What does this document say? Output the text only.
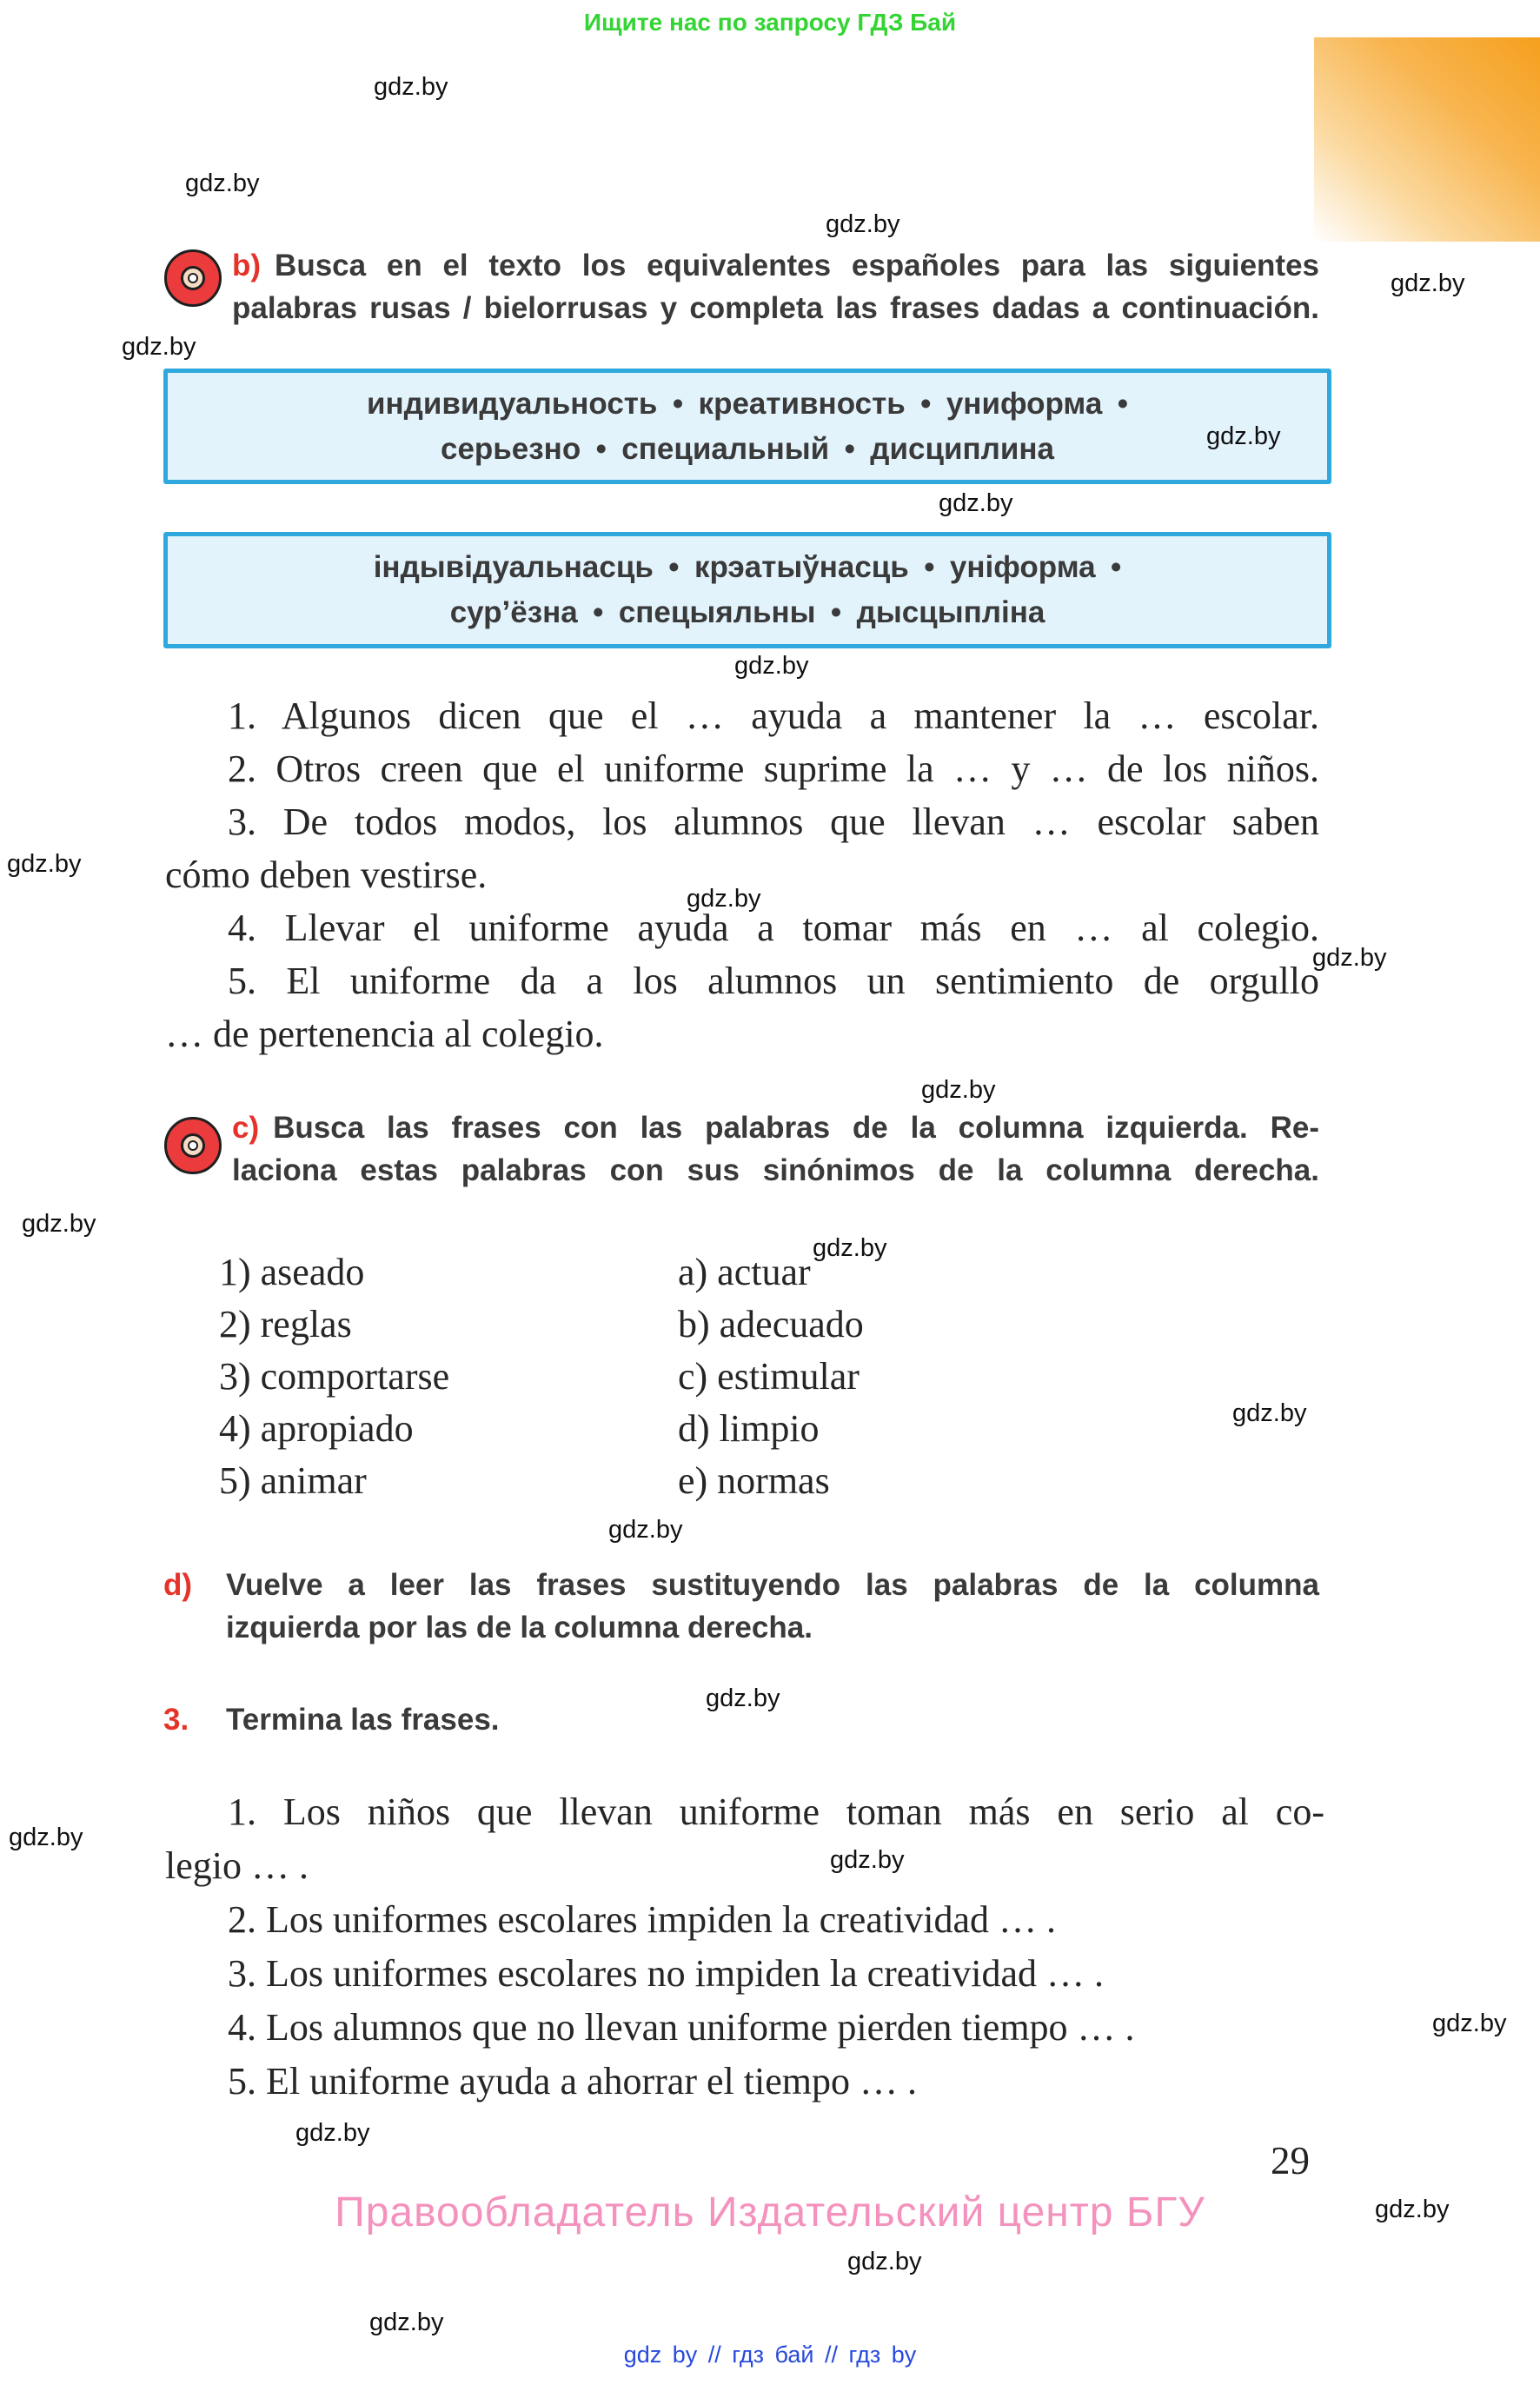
Ищите нас по запросу ГДЗ Бай
b) Busca en el texto los equivalentes españoles para las siguientes
palabras rusas / bielorrusas y completa las frases dadas a continuación.
индивидуальность • креативность • униформа •
серьезно • специальный • дисциплина
індывідуальнасць • крэатыўнасць • уніформа •
сур’ёзна • спецыяльны • дысцыпліна
1. Algunos dicen que el … ayuda a mantener la … escolar.
2. Otros creen que el uniforme suprime la … y … de los niños.
3. De todos modos, los alumnos que llevan … escolar saben
cómo deben vestirse.
4. Llevar el uniforme ayuda a tomar más en … al colegio.
5. El uniforme da a los alumnos un sentimiento de orgullo
… de pertenencia al colegio.
c) Busca las frases con las palabras de la columna izquierda. Re-
laciona estas palabras con sus sinónimos de la columna derecha.
1) aseado
2) reglas
3) comportarse
4) apropiado
5) animar
a) actuar
b) adecuado
c) estimular
d) limpio
e) normas
d) Vuelve a leer las frases sustituyendo las palabras de la columna
izquierda por las de la columna derecha.
3. Termina las frases.
1. Los niños que llevan uniforme toman más en serio al co-
legio … .
2. Los uniformes escolares impiden la creatividad … .
3. Los uniformes escolares no impiden la creatividad … .
4. Los alumnos que no llevan uniforme pierden tiempo … .
5. El uniforme ayuda a ahorrar el tiempo … .
29
Правообладатель Издательский центр БГУ
gdz by // гдз бай // гдз by
gdz.by
gdz.by
gdz.by
gdz.by
gdz.by
gdz.by
gdz.by
gdz.by
gdz.by
gdz.by
gdz.by
gdz.by
gdz.by
gdz.by
gdz.by
gdz.by
gdz.by
gdz.by
gdz.by
gdz.by
gdz.by
gdz.by
gdz.by
gdz.by
